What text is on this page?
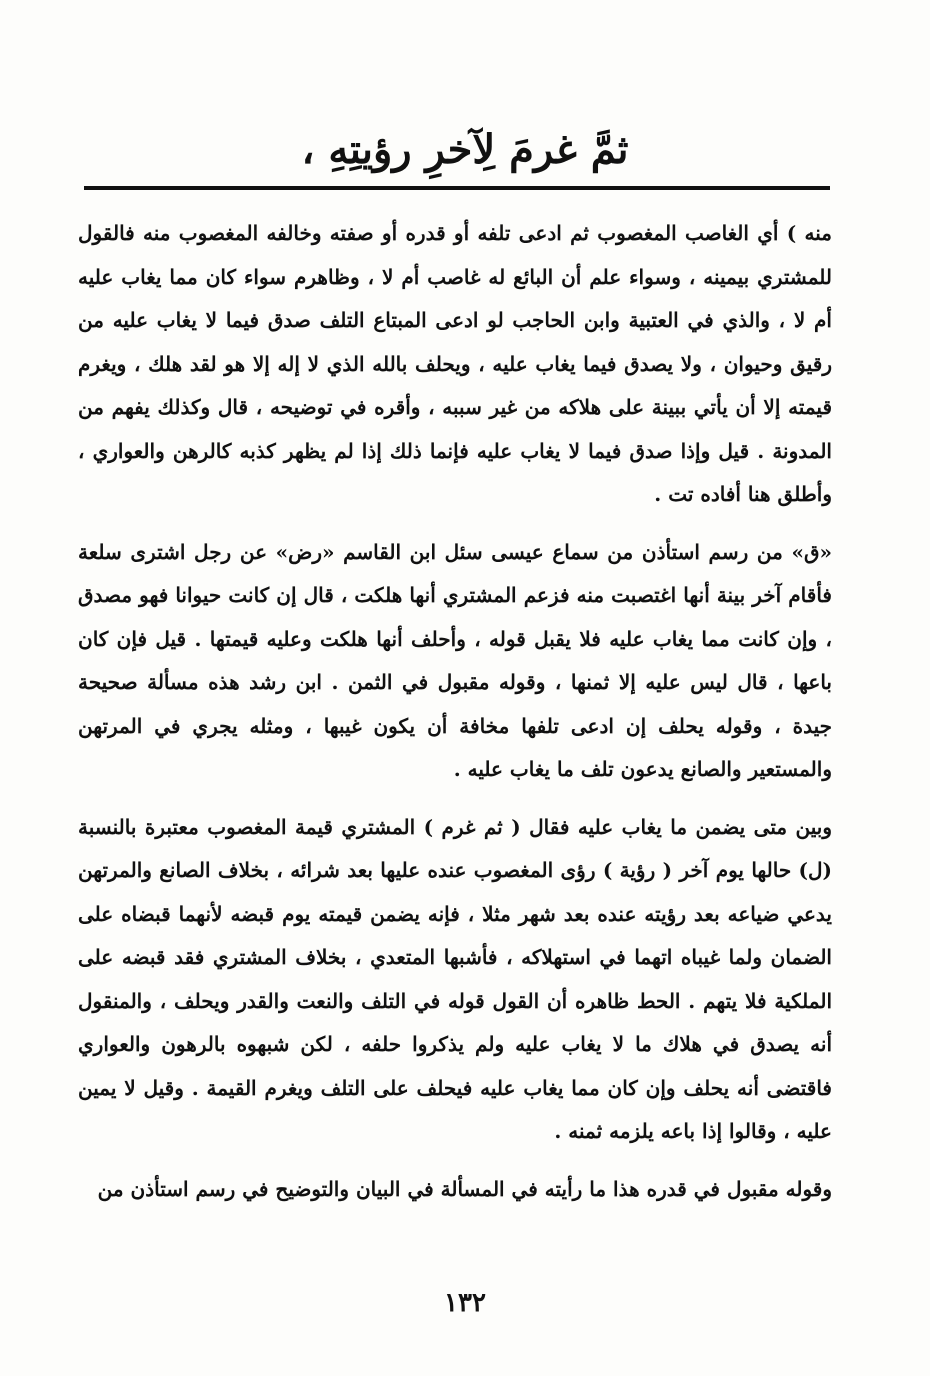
ثمَّ غرمَ لِآخرِ رؤيتِهِ ،

منه ) أي الغاصب المغصوب ثم ادعى تلفه أو قدره أو صفته وخالفه المغصوب منه فالقول للمشتري بيمينه ، وسواء علم أن البائع له غاصب أم لا ، وظاهرم سواء كان مما يغاب عليه أم لا ، والذي في العتبية وابن الحاجب لو ادعى المبتاع التلف صدق فيما لا يغاب عليه من رقيق وحيوان ، ولا يصدق فيما يغاب عليه ، ويحلف بالله الذي لا إله إلا هو لقد هلك ، ويغرم قيمته إلا أن يأتي ببينة على هلاكه من غير سببه ، وأقره في توضيحه ، قال وكذلك يفهم من المدونة . قيل وإذا صدق فيما لا يغاب عليه فإنما ذلك إذا لم يظهر كذبه كالرهن والعواري ، وأطلق هنا أفاده تت .

«ق» من رسم استأذن من سماع عيسى سئل ابن القاسم «رض» عن رجل اشترى سلعة فأقام آخر بينة أنها اغتصبت منه فزعم المشتري أنها هلكت ، قال إن كانت حيوانا فهو مصدق ، وإن كانت مما يغاب عليه فلا يقبل قوله ، وأحلف أنها هلكت وعليه قيمتها . قيل فإن كان باعها ، قال ليس عليه إلا ثمنها ، وقوله مقبول في الثمن . ابن رشد هذه مسألة صحيحة جيدة ، وقوله يحلف إن ادعى تلفها مخافة أن يكون غيبها ، ومثله يجري في المرتهن والمستعير والصانع يدعون تلف ما يغاب عليه .

وبين متى يضمن ما يغاب عليه فقال ( ثم غرم ) المشتري قيمة المغصوب معتبرة بالنسبة (ل) حالها يوم آخر ( رؤية ) رؤى المغصوب عنده عليها بعد شرائه ، بخلاف الصانع والمرتهن يدعي ضياعه بعد رؤيته عنده بعد شهر مثلا ، فإنه يضمن قيمته يوم قبضه لأنهما قبضاه على الضمان ولما غيباه اتهما في استهلاكه ، فأشبها المتعدي ، بخلاف المشتري فقد قبضه على الملكية فلا يتهم . الحط ظاهره أن القول قوله في التلف والنعت والقدر ويحلف ، والمنقول أنه يصدق في هلاك ما لا يغاب عليه ولم يذكروا حلفه ، لكن شبهوه بالرهون والعواري فاقتضى أنه يحلف وإن كان مما يغاب عليه فيحلف على التلف ويغرم القيمة . وقيل لا يمين عليه ، وقالوا إذا باعه يلزمه ثمنه .

وقوله مقبول في قدره هذا ما رأيته في المسألة في البيان والتوضيح في رسم استأذن من

١٣٢
